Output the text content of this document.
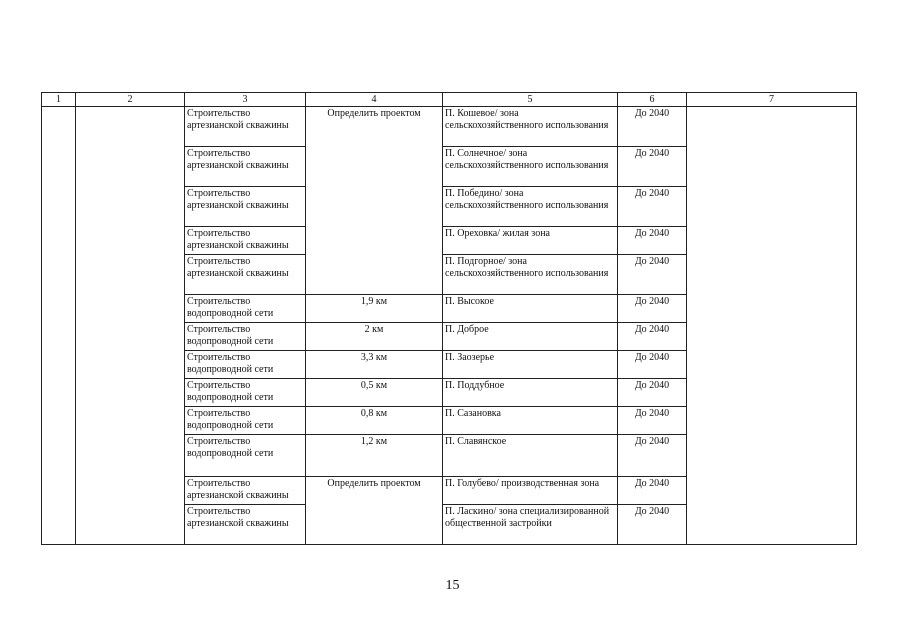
1	2	3	4	5	6	7
		Строительство артезианской скважины	Определить проектом	П. Кошевое/ зона сельскохозяйственного использования	До 2040	
		Строительство артезианской скважины		П. Солнечное/ зона сельскохозяйственного использования	До 2040	
		Строительство артезианской скважины		П. Победино/ зона сельскохозяйственного использования	До 2040	
		Строительство артезианской скважины		П. Ореховка/ жилая зона	До 2040	
		Строительство артезианской скважины		П. Подгорное/ зона сельскохозяйственного использования	До 2040	
		Строительство водопроводной сети	1,9 км	П. Высокое	До 2040	
		Строительство водопроводной сети	2 км	П. Доброе	До 2040	
		Строительство водопроводной сети	3,3 км	П. Заозерье	До 2040	
		Строительство водопроводной сети	0,5 км	П. Поддубное	До 2040	
		Строительство водопроводной сети	0,8 км	П. Сазановка	До 2040	
		Строительство водопроводной сети	1,2 км	П. Славянское	До 2040	
		Строительство артезианской скважины	Определить проектом	П. Голубево/ производственная зона	До 2040	
		Строительство артезианской скважины		П. Ласкино/ зона специализированной общественной застройки	До 2040	
15
